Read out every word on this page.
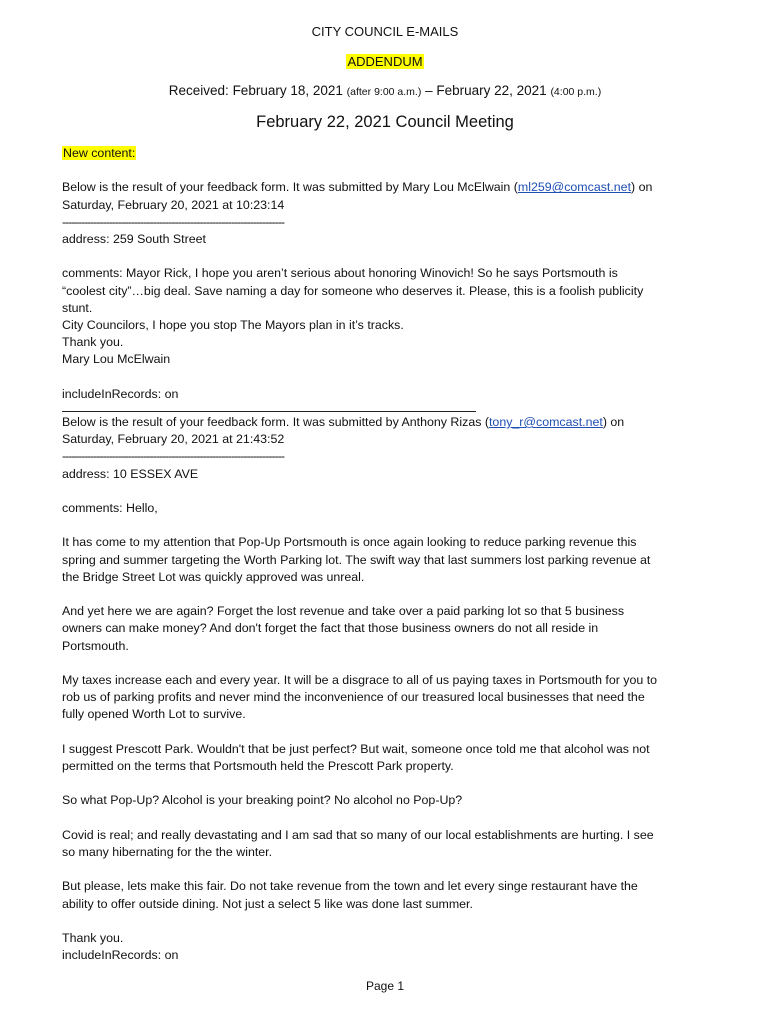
CITY COUNCIL E-MAILS
ADDENDUM
Received: February 18, 2021 (after 9:00 a.m.) – February 22, 2021 (4:00 p.m.)
February 22, 2021 Council Meeting

New content:

Below is the result of your feedback form. It was submitted by Mary Lou McElwain (ml259@comcast.net) on

Saturday, February 20, 2021 at 10:23:14

-----------------------------------------------------------------------

address: 259 South Street

comments: Mayor Rick, I hope you aren’t serious about honoring Winovich! So he says Portsmouth is

“coolest city”…big deal. Save naming a day for someone who deserves it. Please, this is a foolish publicity

stunt.

City Councilors, I hope you stop The Mayors plan in it’s tracks.

Thank you.

Mary Lou McElwain

includeInRecords: on

Below is the result of your feedback form. It was submitted by Anthony Rizas (tony_r@comcast.net) on

Saturday, February 20, 2021 at 21:43:52

-----------------------------------------------------------------------

address: 10 ESSEX AVE

comments: Hello,

It has come to my attention that Pop-Up Portsmouth is once again looking to reduce parking revenue this

spring and summer targeting the Worth Parking lot. The swift way that last summers lost parking revenue at

the Bridge Street Lot was quickly approved was unreal.

And yet here we are again? Forget the lost revenue and take over a paid parking lot so that 5 business

owners can make money? And don't forget the fact that those business owners do not all reside in

Portsmouth.

My taxes increase each and every year. It will be a disgrace to all of us paying taxes in Portsmouth for you to

rob us of parking profits and never mind the inconvenience of our treasured local businesses that need the

fully opened Worth Lot to survive.

I suggest Prescott Park. Wouldn't that be just perfect? But wait, someone once told me that alcohol was not

permitted on the terms that Portsmouth held the Prescott Park property.

So what Pop-Up? Alcohol is your breaking point? No alcohol no Pop-Up?

Covid is real; and really devastating and I am sad that so many of our local establishments are hurting. I see

so many hibernating for the the winter.

But please, lets make this fair. Do not take revenue from the town and let every singe restaurant have the

ability to offer outside dining. Not just a select 5 like was done last summer.

Thank you.

includeInRecords: on

Page 1
